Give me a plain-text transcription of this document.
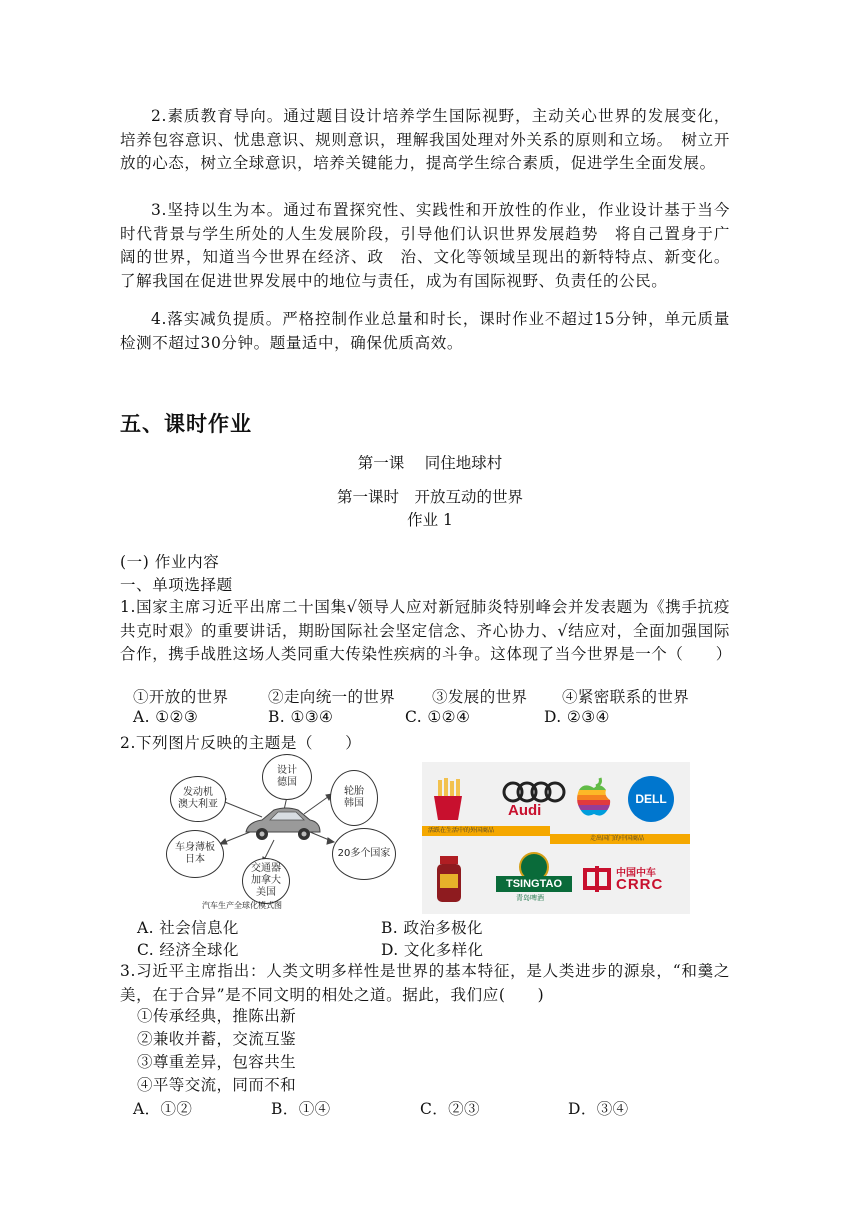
2.素质教育导向。通过题目设计培养学生国际视野，主动关心世界的发展变化，培养包容意识、忧患意识、规则意识，理解我国处理对外关系的原则和立场。　树立开放的心态，树立全球意识，培养关键能力，提高学生综合素质，促进学生全面发展。

3.坚持以生为本。通过布置探究性、实践性和开放性的作业，作业设计基于当今时代背景与学生所处的人生发展阶段，引导他们认识世界发展趋势　将自己置身于广阔的世界，知道当今世界在经济、政　治、文化等领域呈现出的新特特点、新变化。了解我国在促进世界发展中的地位与责任，成为有国际视野、负责任的公民。

4.落实减负提质。严格控制作业总量和时长，课时作业不超过15分钟，单元质量检测不超过30分钟。题量适中，确保优质高效。

五、课时作业

第一课　 同住地球村

第一课时　开放互动的世界

作业 1

(一) 作业内容

一、单项选择题

1.国家主席习近平出席二十国集√领导人应对新冠肺炎特别峰会并发表题为《携手抗疫共克时艰》的重要讲话，期盼国际社会坚定信念、齐心协力、√结应对，全面加强国际合作，携手战胜这场人类同重大传染性疾病的斗争。这体现了当今世界是一个（　　）

①开放的世界	②走向统一的世界 ③发展的世界 ④紧密联系的世界

A. ①②③	B. ①③④	C. ①②④	D. ②③④

2.下列图片反映的主题是（　　）

设计
德国
轮胎
韩国
20多个国家
交通器
加拿大
美国
车身薄板
日本
发动机
澳大利亚
汽车生产全球化模式图
Audi
DELL
活跃在生活中的外国商品
走出国门的中国商品
TSINGTAO
青岛啤酒
中国中车
CRRC

A. 社会信息化	B. 政治多极化

C. 经济全球化	D. 文化多样化

3.习近平主席指出：人类文明多样性是世界的基本特征，是人类进步的源泉，“和羹之美，在于合异”是不同文明的相处之道。据此，我们应(　　)

①传承经典，推陈出新

②兼收并蓄，交流互鉴

③尊重差异，包容共生

④平等交流，同而不和

A．①②	B．①④	C．②③	D．③④
